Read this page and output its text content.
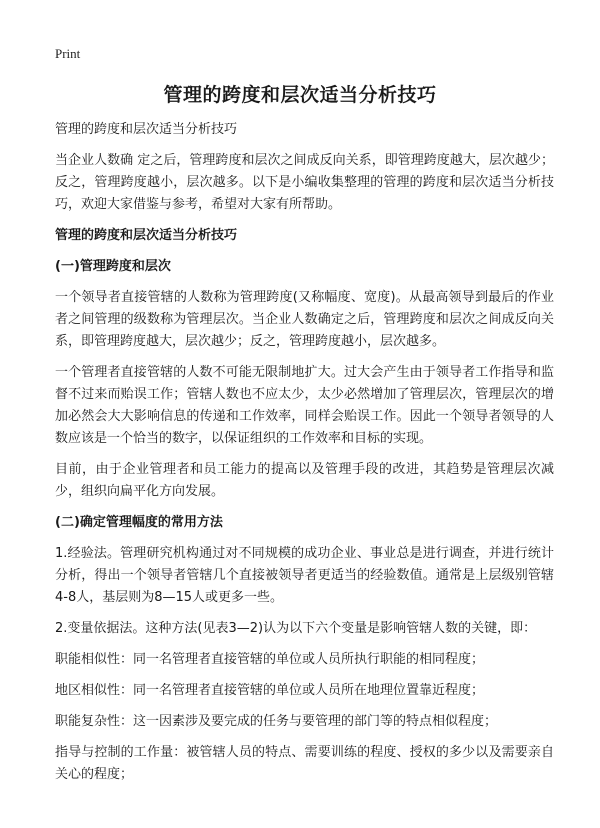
Print
管理的跨度和层次适当分析技巧

管理的跨度和层次适当分析技巧

当企业人数确 定之后，管理跨度和层次之间成反向关系，即管理跨度越大，层次越少；反之，管理跨度越小，层次越多。以下是小编收集整理的管理的跨度和层次适当分析技巧，欢迎大家借鉴与参考，希望对大家有所帮助。

管理的跨度和层次适当分析技巧

(一)管理跨度和层次

一个领导者直接管辖的人数称为管理跨度(又称幅度、宽度)。从最高领导到最后的作业者之间管理的级数称为管理层次。当企业人数确定之后，管理跨度和层次之间成反向关系，即管理跨度越大，层次越少；反之，管理跨度越小，层次越多。

一个管理者直接管辖的人数不可能无限制地扩大。过大会产生由于领导者工作指导和监督不过来而贻误工作；管辖人数也不应太少，太少必然增加了管理层次，管理层次的增加必然会大大影响信息的传递和工作效率，同样会贻误工作。因此一个领导者领导的人数应该是一个恰当的数字，以保证组织的工作效率和目标的实现。

目前，由于企业管理者和员工能力的提高以及管理手段的改进，其趋势是管理层次减少，组织向扁平化方向发展。

(二)确定管理幅度的常用方法

1.经验法。管理研究机构通过对不同规模的成功企业、事业总是进行调查，并进行统计分析，得出一个领导者管辖几个直接被领导者更适当的经验数值。通常是上层级别管辖4-8人，基层则为8—15人或更多一些。

2.变量依据法。这种方法(见表3—2)认为以下六个变量是影响管辖人数的关键，即：

职能相似性：同一名管理者直接管辖的单位或人员所执行职能的相同程度；

地区相似性：同一名管理者直接管辖的单位或人员所在地理位置靠近程度；

职能复杂性：这一因素涉及要完成的任务与要管理的部门等的特点相似程度；

指导与控制的工作量：被管辖人员的特点、需要训练的程度、授权的多少以及需要亲自关心的程度；
